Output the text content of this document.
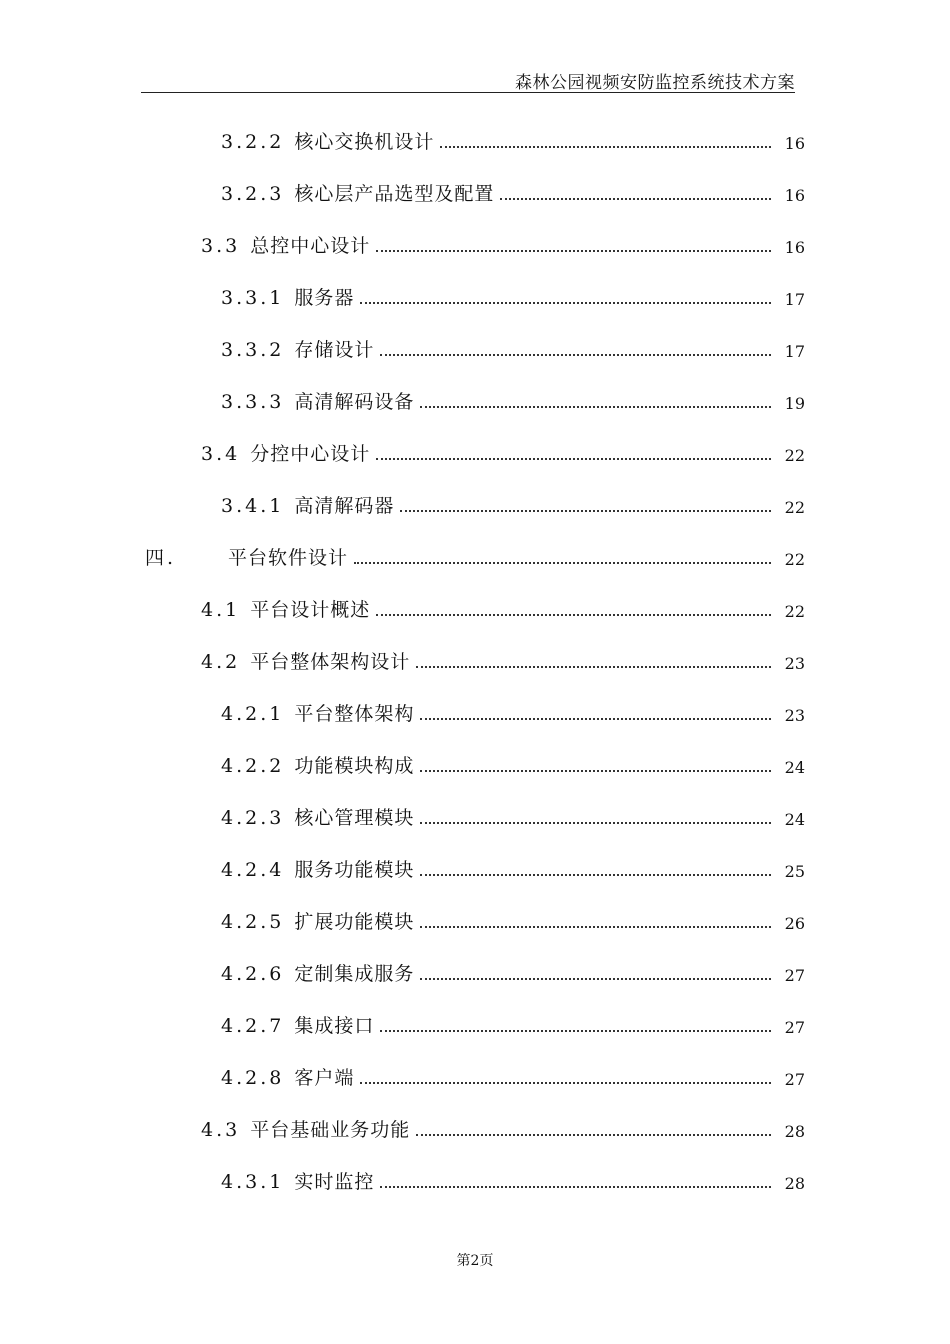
森林公园视频安防监控系统技术方案
3.2.2 核心交换机设计	16
3.2.3 核心层产品选型及配置	16
3.3 总控中心设计	16
3.3.1 服务器	17
3.3.2 存储设计	17
3.3.3 高清解码设备	19
3.4 分控中心设计	22
3.4.1 高清解码器	22
四.	平台软件设计	22
4.1 平台设计概述	22
4.2 平台整体架构设计	23
4.2.1 平台整体架构	23
4.2.2 功能模块构成	24
4.2.3 核心管理模块	24
4.2.4 服务功能模块	25
4.2.5 扩展功能模块	26
4.2.6 定制集成服务	27
4.2.7 集成接口	27
4.2.8 客户端	27
4.3 平台基础业务功能	28
4.3.1 实时监控	28
第2页
